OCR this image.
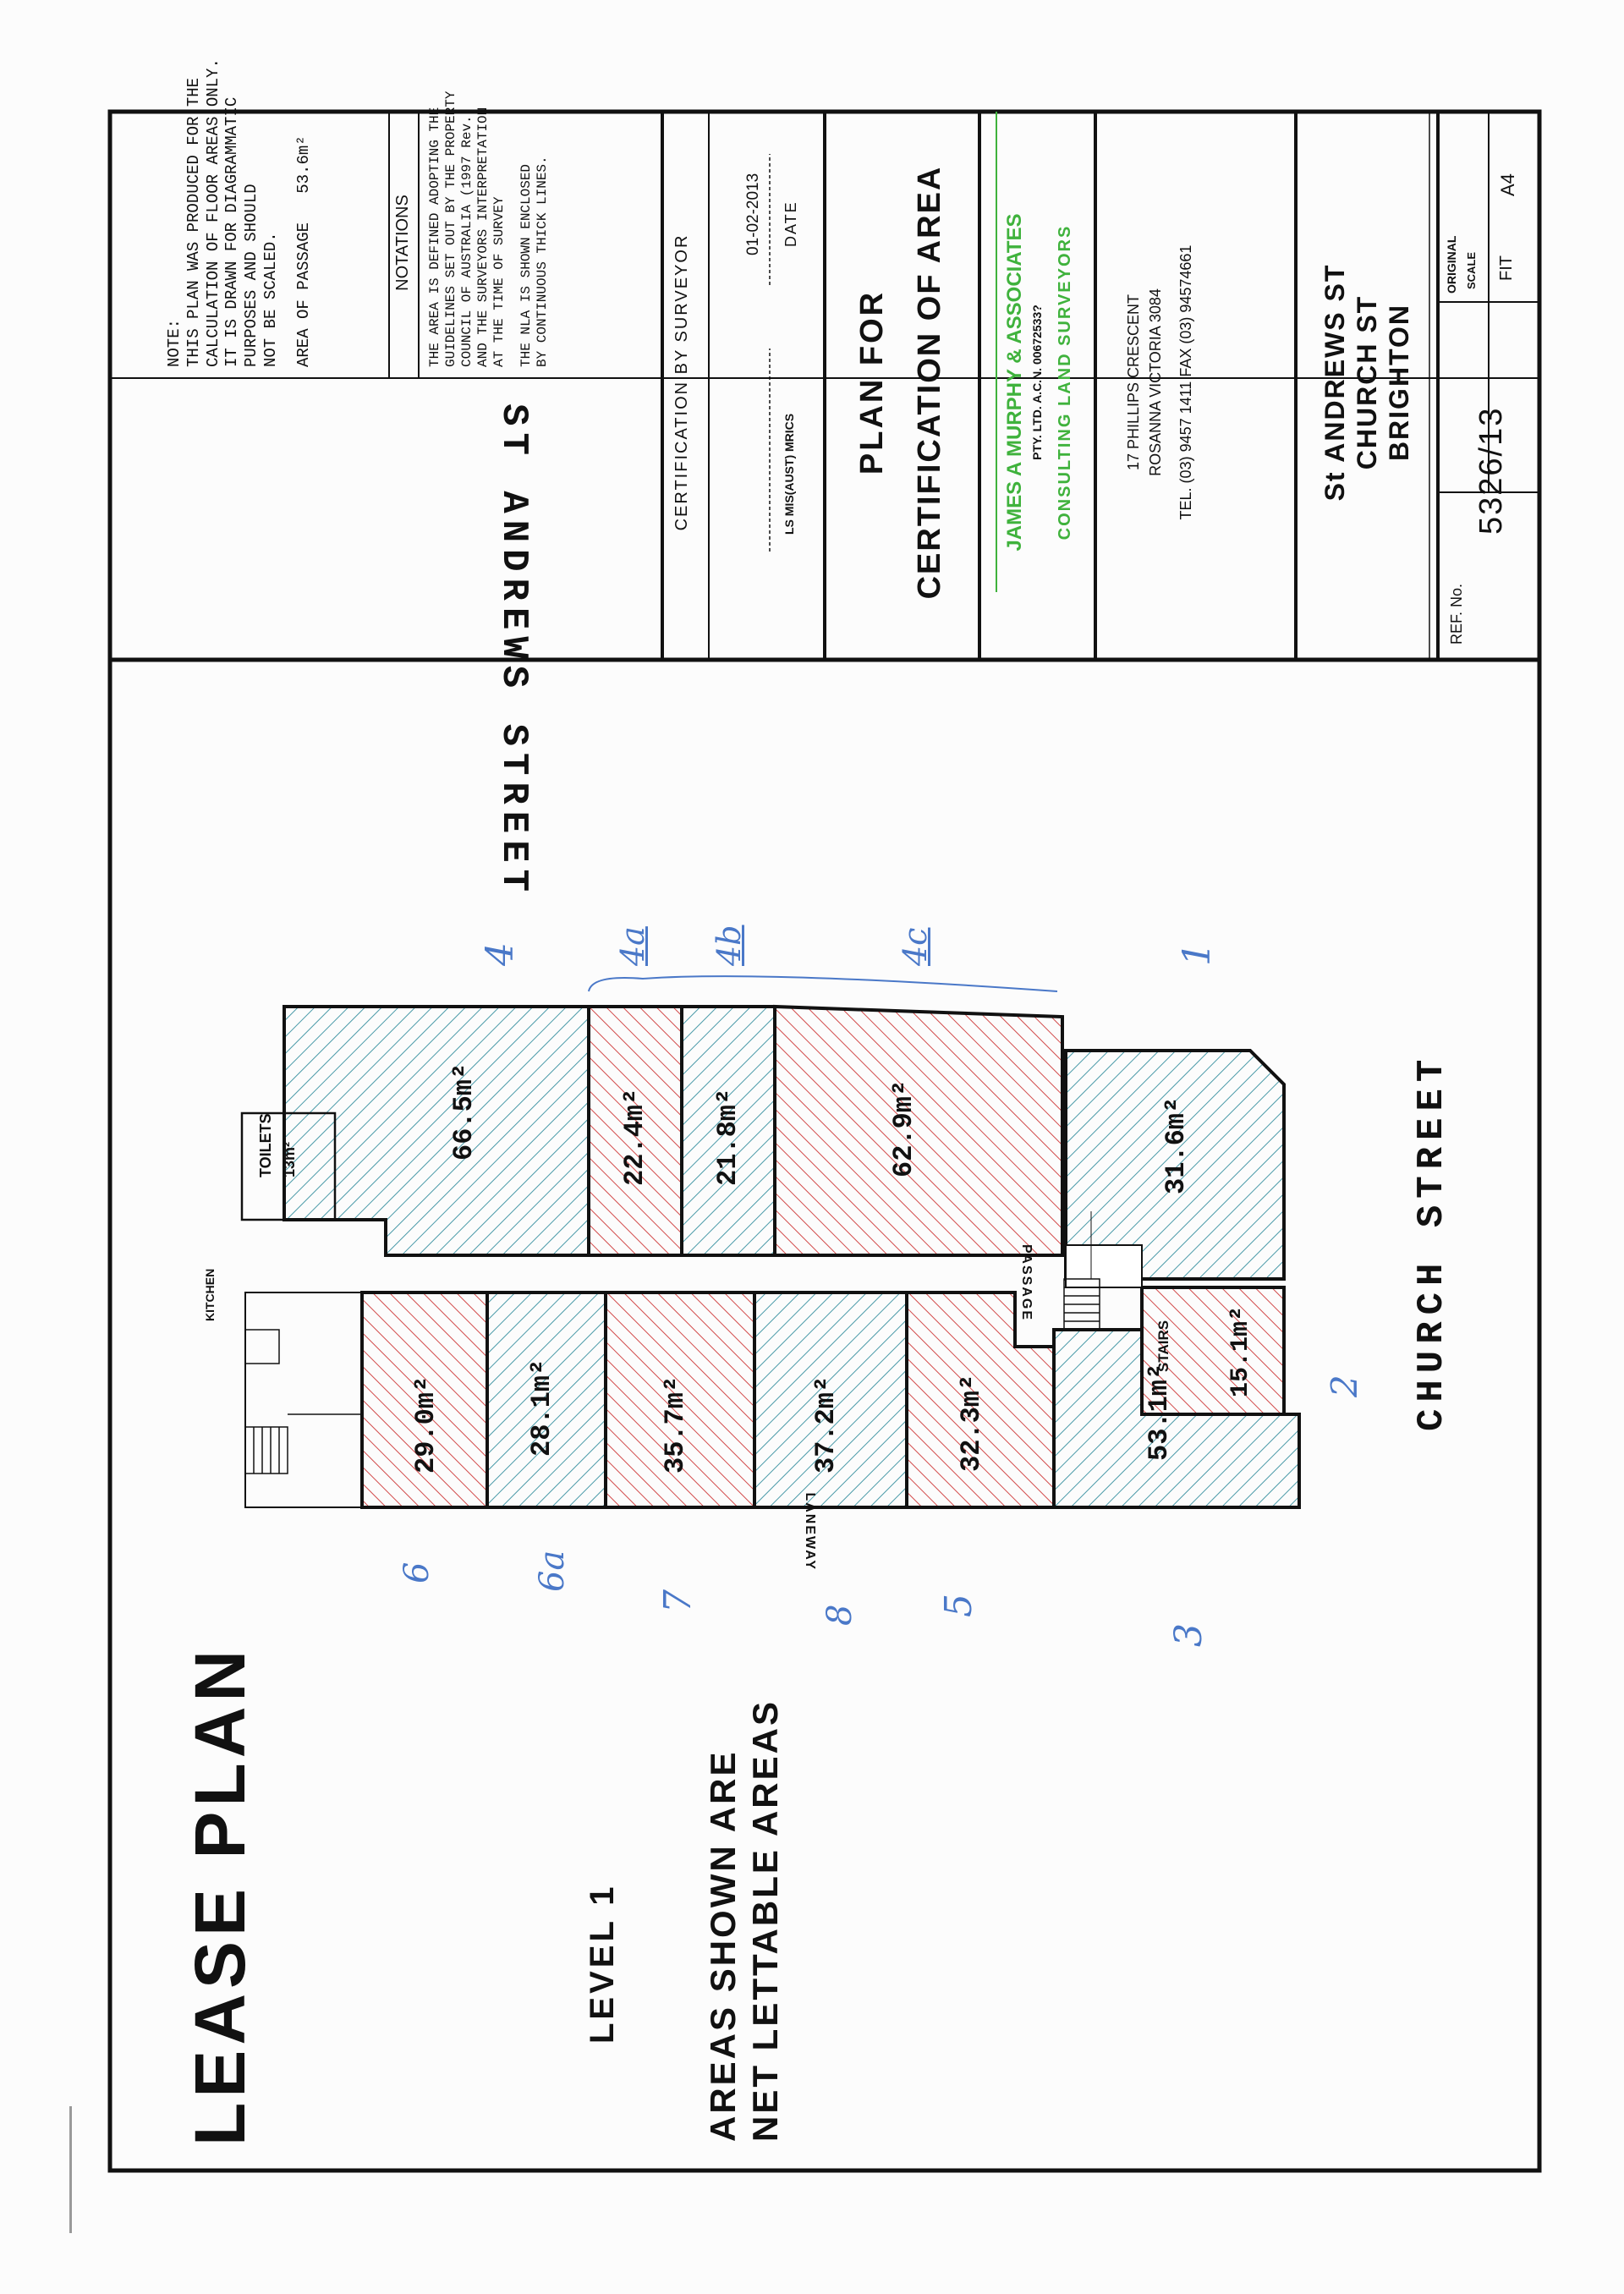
LEASE PLAN	LEVEL 1 AREAS SHOWN ARE NET LETTABLE AREAS
ST ANDREWS STREET
CHURCH STREET
LANEWAY
PASSAGE
66.5m²	22.4m² 21.8m²	62.9m²	31.6m²
15.1m²
29.0m²	28.1m²	35.7m²	37.2m²	32.3m²	53.1m²
STAIRS
TOILETS 13m²
KITCHEN
4	4a 4b	4c	1
2
6	6a
7
8 5
3
NOTE: THIS PLAN WAS PRODUCED FOR THE CALCULATION OF FLOOR AREAS ONLY. IT IS DRAWN FOR DIAGRAMMATIC PURPOSES AND SHOULD NOT BE SCALED. AREA OF PASSAGE   53.6m²
NOTATIONS THE AREA IS DEFINED ADOPTING THE GUIDELINES SET OUT BY THE PROPERTY COUNCIL OF AUSTRALIA (1997 Rev.) AND THE SURVEYORS INTERPRETATION AT THE TIME OF SURVEY THE NLA IS SHOWN ENCLOSED BY CONTINUOUS THICK LINES.	CERTIFICATION BY SURVEYOR	LS MIS(AUST) MRICS
01-02-2013 DATE
PLAN FOR CERTIFICATION OF AREA	JAMES A MURPHY & ASSOCIATES PTY. LTD. A.C.N. 00672533? CONSULTING LAND SURVEYORS	17 PHILLIPS CRESCENT ROSANNA VICTORIA 3084 TEL. (03) 9457 1411 FAX (03) 94574661	St ANDREWS ST CHURCH ST BRIGHTON
REF. No.
5326/13
ORIGINAL SCALE FIT
A4
